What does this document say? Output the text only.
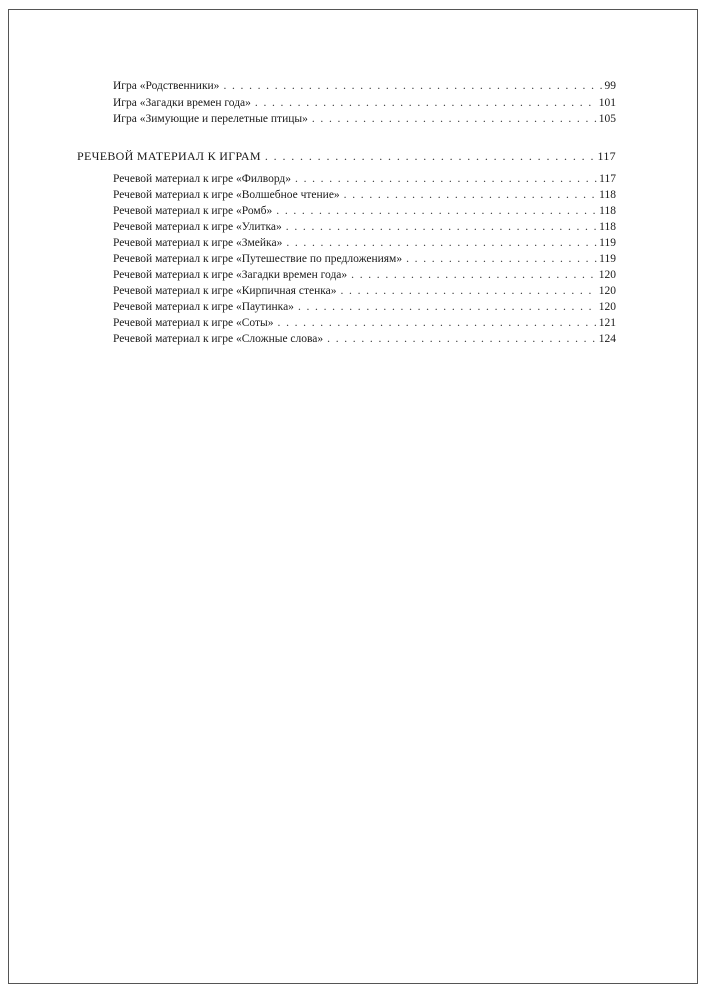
Игра «Родственники» . . .	99
Игра «Загадки времен года» . . .	101
Игра «Зимующие и перелетные птицы» . . .	105
РЕЧЕВОЙ МАТЕРИАЛ К ИГРАМ . . .	117
Речевой материал к игре «Филворд» . . .	117
Речевой материал к игре «Волшебное чтение» . . .	118
Речевой материал к игре «Ромб» . . .	118
Речевой материал к игре «Улитка» . . .	118
Речевой материал к игре «Змейка» . . .	119
Речевой материал к игре «Путешествие по предложениям» . . .	119
Речевой материал к игре «Загадки времен года» . . .	120
Речевой материал к игре «Кирпичная стенка» . . .	120
Речевой материал к игре «Паутинка» . . .	120
Речевой материал к игре «Соты» . . .	121
Речевой материал к игре «Сложные слова» . . .	124
